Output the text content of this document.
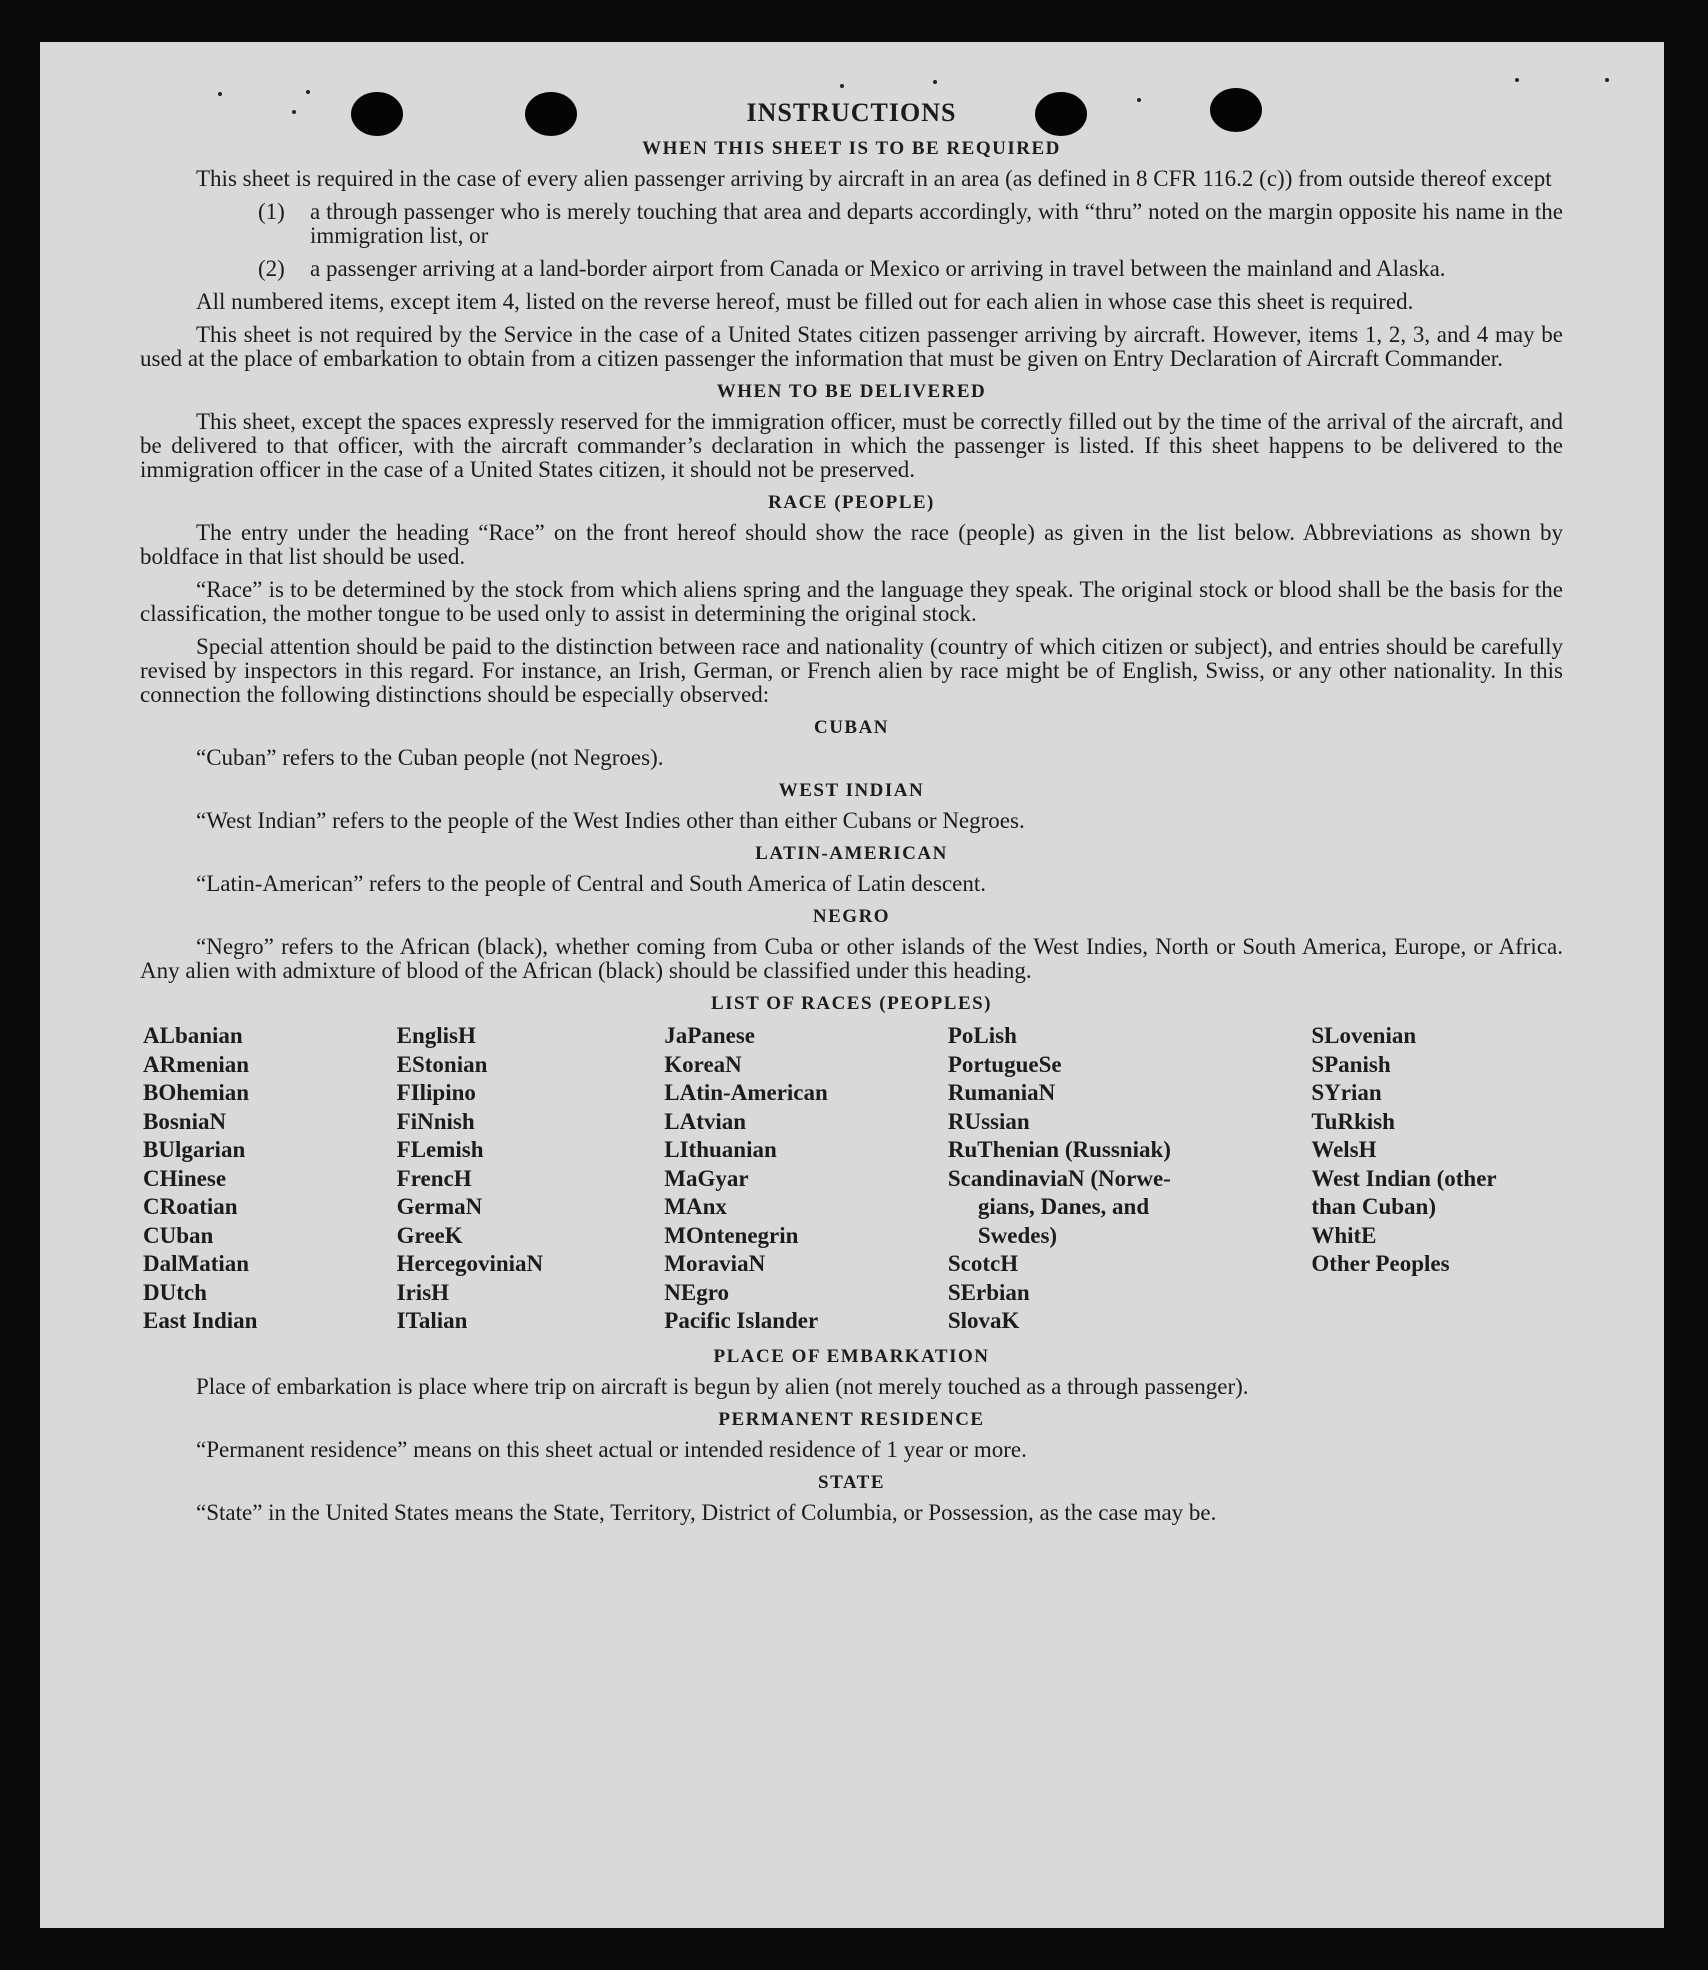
INSTRUCTIONS
WHEN THIS SHEET IS TO BE REQUIRED

This sheet is required in the case of every alien passenger arriving by aircraft in an area (as defined in 8 CFR 116.2 (c)) from outside thereof except

(1)	a through passenger who is merely touching that area and departs accordingly, with “thru” noted on the margin opposite his name in the immigration list, or
(2)	a passenger arriving at a land-border airport from Canada or Mexico or arriving in travel between the mainland and Alaska.

All numbered items, except item 4, listed on the reverse hereof, must be filled out for each alien in whose case this sheet is required.

This sheet is not required by the Service in the case of a United States citizen passenger arriving by aircraft. However, items 1, 2, 3, and 4 may be used at the place of embarkation to obtain from a citizen passenger the information that must be given on Entry Declaration of Aircraft Commander.

WHEN TO BE DELIVERED

This sheet, except the spaces expressly reserved for the immigration officer, must be correctly filled out by the time of the arrival of the aircraft, and be delivered to that officer, with the aircraft commander’s declaration in which the passenger is listed. If this sheet happens to be delivered to the immigration officer in the case of a United States citizen, it should not be preserved.

RACE (PEOPLE)

The entry under the heading “Race” on the front hereof should show the race (people) as given in the list below. Abbreviations as shown by boldface in that list should be used.

“Race” is to be determined by the stock from which aliens spring and the language they speak. The original stock or blood shall be the basis for the classification, the mother tongue to be used only to assist in determining the original stock.

Special attention should be paid to the distinction between race and nationality (country of which citizen or subject), and entries should be carefully revised by inspectors in this regard. For instance, an Irish, German, or French alien by race might be of English, Swiss, or any other nationality. In this connection the following distinctions should be especially observed:

CUBAN

“Cuban” refers to the Cuban people (not Negroes).

WEST INDIAN

“West Indian” refers to the people of the West Indies other than either Cubans or Negroes.

LATIN-AMERICAN

“Latin-American” refers to the people of Central and South America of Latin descent.

NEGRO

“Negro” refers to the African (black), whether coming from Cuba or other islands of the West Indies, North or South America, Europe, or Africa. Any alien with admixture of blood of the African (black) should be classified under this heading.

LIST OF RACES (PEOPLES)
ALbanian
ARmenian
BOhemian
BosniaN
BUlgarian
CHinese
CRoatian
CUban
DalMatian
DUtch
East Indian
EnglisH
EStonian
FIlipino
FiNnish
FLemish
FrencH
GermaN
GreeK
HercegoviniaN
IrisH
ITalian
JaPanese
KoreaN
LAtin-American
LAtvian
LIthuanian
MaGyar
MAnx
MOntenegrin
MoraviaN
NEgro
Pacific Islander
PoLish
PortugueSe
RumaniaN
RUssian
RuThenian (Russniak)
ScandinaviaN (Norwe-
gians, Danes, and
Swedes)
ScotcH
SErbian
SlovaK
SLovenian
SPanish
SYrian
TuRkish
WelsH
West Indian (other
than Cuban)
WhitE
Other Peoples
PLACE OF EMBARKATION

Place of embarkation is place where trip on aircraft is begun by alien (not merely touched as a through passenger).

PERMANENT RESIDENCE

“Permanent residence” means on this sheet actual or intended residence of 1 year or more.

STATE

“State” in the United States means the State, Territory, District of Columbia, or Possession, as the case may be.
